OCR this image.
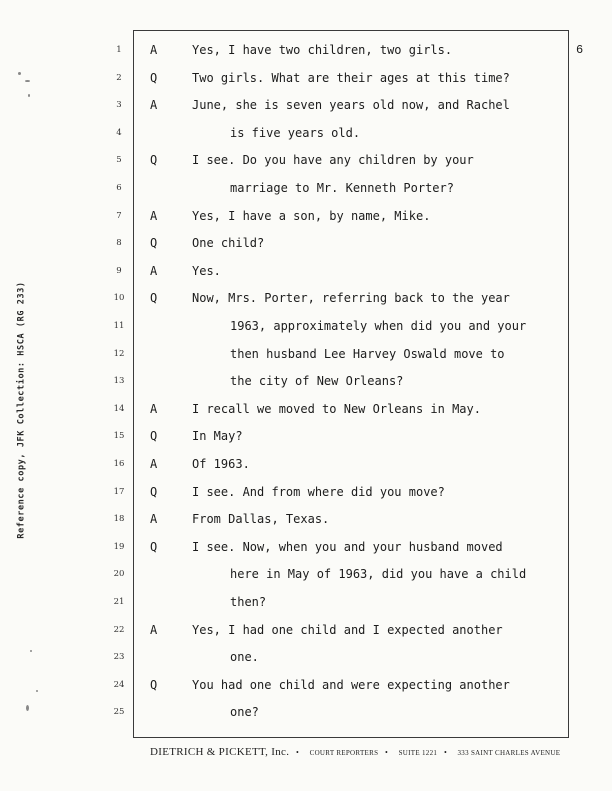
Reference copy, JFK Collection: HSCA (RG 233)
6
1
2
3
4
5
6
7
8
9
10
11
12
13
14
15
16
17
18
19
20
21
22
23
24
25
A	Yes, I have two children, two girls.
Q	Two girls. What are their ages at this time?
A	June, she is seven years old now, and Rachel
is five years old.
Q	I see. Do you have any children by your
marriage to Mr. Kenneth Porter?
A	Yes, I have a son, by name, Mike.
Q	One child?
A	Yes.
Q	Now, Mrs. Porter, referring back to the year
1963, approximately when did you and your
then husband Lee Harvey Oswald move to
the city of New Orleans?
A	I recall we moved to New Orleans in May.
Q	In May?
A	Of 1963.
Q	I see. And from where did you move?
A	From Dallas, Texas.
Q	I see. Now, when you and your husband moved
here in May of 1963, did you have a child
then?
A	Yes, I had one child and I expected another
one.
Q	You had one child and were expecting another
one?
DIETRICH & PICKETT, Inc. • COURT REPORTERS • SUITE 1221 • 333 SAINT CHARLES AVENUE
